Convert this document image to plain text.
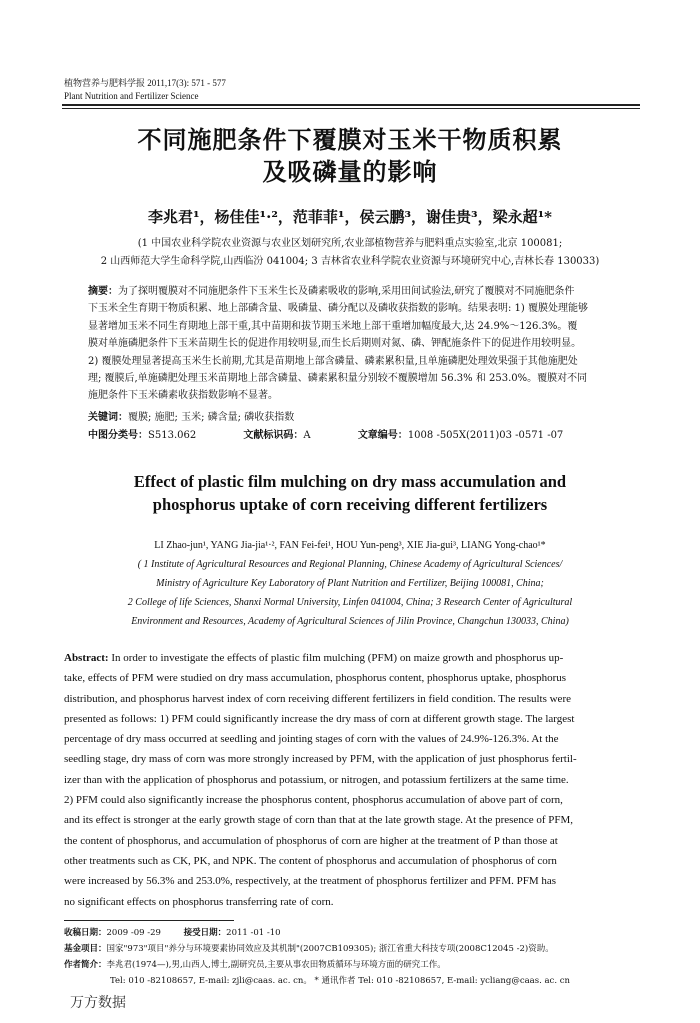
植物营养与肥料学报 2011,17(3): 571 - 577
Plant Nutrition and Fertilizer Science
不同施肥条件下覆膜对玉米干物质积累
及吸磷量的影响
李兆君¹，杨佳佳¹·²，范菲菲¹，侯云鹏³，谢佳贵³，梁永超¹*
(1 中国农业科学院农业资源与农业区划研究所,农业部植物营养与肥料重点实验室,北京 100081;
2 山西师范大学生命科学院,山西临汾 041004; 3 吉林省农业科学院农业资源与环境研究中心,吉林长春 130033)
摘要：为了探明覆膜对不同施肥条件下玉米生长及磷素吸收的影响,采用田间试验法,研究了覆膜对不同施肥条件
下玉米全生育期干物质积累、地上部磷含量、吸磷量、磷分配以及磷收获指数的影响。结果表明: 1) 覆膜处理能够
显著增加玉米不同生育期地上部干重,其中苗期和拔节期玉米地上部干重增加幅度最大,达 24.9%～126.3%。覆
膜对单施磷肥条件下玉米苗期生长的促进作用较明显,而生长后期则对氮、磷、钾配施条件下的促进作用较明显。
2) 覆膜处理显著提高玉米生长前期,尤其是苗期地上部含磷量、磷素累积量,且单施磷肥处理效果强于其他施肥处
理; 覆膜后,单施磷肥处理玉米苗期地上部含磷量、磷素累积量分别较不覆膜增加 56.3% 和 253.0%。覆膜对不同
施肥条件下玉米磷素收获指数影响不显著。
关键词：覆膜; 施肥; 玉米; 磷含量; 磷收获指数
中图分类号：S513.062	文献标识码：A	文章编号：1008 -505X(2011)03 -0571 -07
Effect of plastic film mulching on dry mass accumulation and
phosphorus uptake of corn receiving different fertilizers
LI Zhao-jun¹, YANG Jia-jia¹·², FAN Fei-fei¹, HOU Yun-peng³, XIE Jia-gui³, LIANG Yong-chao¹*
( 1 Institute of Agricultural Resources and Regional Planning, Chinese Academy of Agricultural Sciences/
Ministry of Agriculture Key Laboratory of Plant Nutrition and Fertilizer, Beijing 100081, China;
2 College of life Sciences, Shanxi Normal University, Linfen 041004, China; 3 Research Center of Agricultural
Environment and Resources, Academy of Agricultural Sciences of Jilin Province, Changchun 130033, China)
Abstract: In order to investigate the effects of plastic film mulching (PFM) on maize growth and phosphorus up-
take, effects of PFM were studied on dry mass accumulation, phosphorus content, phosphorus uptake, phosphorus
distribution, and phosphorus harvest index of corn receiving different fertilizers in field condition. The results were
presented as follows: 1) PFM could significantly increase the dry mass of corn at different growth stage. The largest
percentage of dry mass occurred at seedling and jointing stages of corn with the values of 24.9%-126.3%. At the
seedling stage, dry mass of corn was more strongly increased by PFM, with the application of just phosphorus fertil-
izer than with the application of phosphorus and potassium, or nitrogen, and potassium fertilizers at the same time.
2) PFM could also significantly increase the phosphorus content, phosphorus accumulation of above part of corn,
and its effect is stronger at the early growth stage of corn than that at the late growth stage. At the presence of PFM,
the content of phosphorus, and accumulation of phosphorus of corn are higher at the treatment of P than those at
other treatments such as CK, PK, and NPK. The content of phosphorus and accumulation of phosphorus of corn
were increased by 56.3% and 253.0%, respectively, at the treatment of phosphorus fertilizer and PFM. PFM has
no significant effects on phosphorus transferring rate of corn.
收稿日期：2009 -09 -29	接受日期：2011 -01 -10
基金项目：国家"973"项目"养分与环境要素协同效应及其机制"(2007CB109305); 浙江省重大科技专项(2008C12045 -2)资助。
作者简介：李兆君(1974—),男,山西人,博士,副研究员,主要从事农田物质循环与环境方面的研究工作。
Tel: 010 -82108657, E-mail: zjli@caas. ac. cn。 * 通讯作者 Tel: 010 -82108657, E-mail: ycliang@caas. ac. cn
万方数据
